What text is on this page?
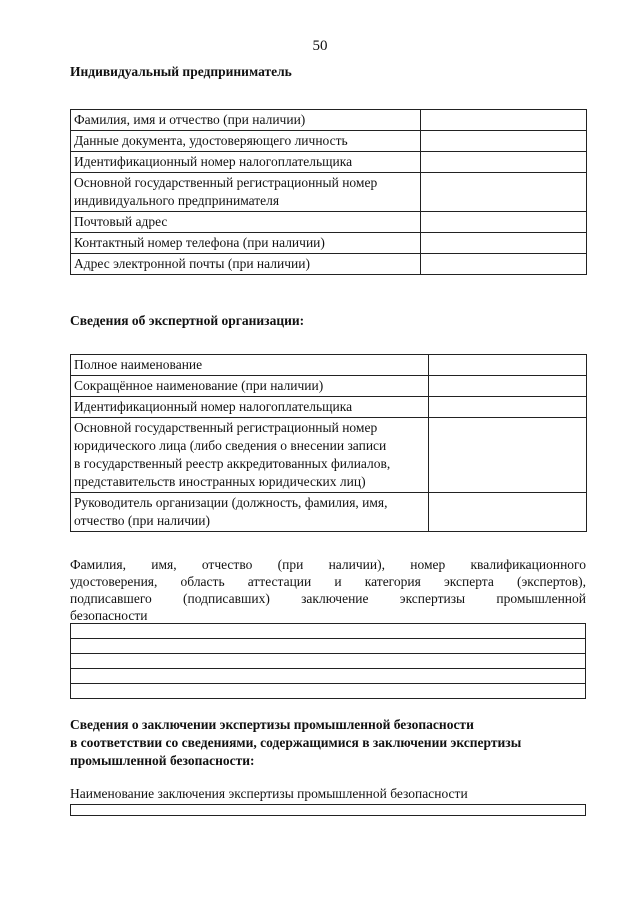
50
Индивидуальный предприниматель
Фамилия, имя и отчество (при наличии)	

Данные документа, удостоверяющего личность	

Идентификационный номер налогоплательщика	

Основной государственный регистрационный номер
индивидуального предпринимателя	

Почтовый адрес	

Контактный номер телефона (при наличии)	

Адрес электронной почты (при наличии)	

Сведения об экспертной организации:
Полное наименование	

Сокращённое наименование (при наличии)	

Идентификационный номер налогоплательщика	

Основной государственный регистрационный номер
юридического лица (либо сведения о внесении записи
в государственный реестр аккредитованных филиалов,
представительств иностранных юридических лиц)	

Руководитель организации (должность, фамилия, имя,
отчество (при наличии)	

Фамилия, имя, отчество (при наличии), номер квалификационного
удостоверения, область аттестации и категория эксперта (экспертов),
подписавшего (подписавших) заключение экспертизы промышленной
безопасности

Сведения о заключении экспертизы промышленной безопасности
в соответствии со сведениями, содержащимися в заключении экспертизы
промышленной безопасности:
Наименование заключения экспертизы промышленной безопасности
